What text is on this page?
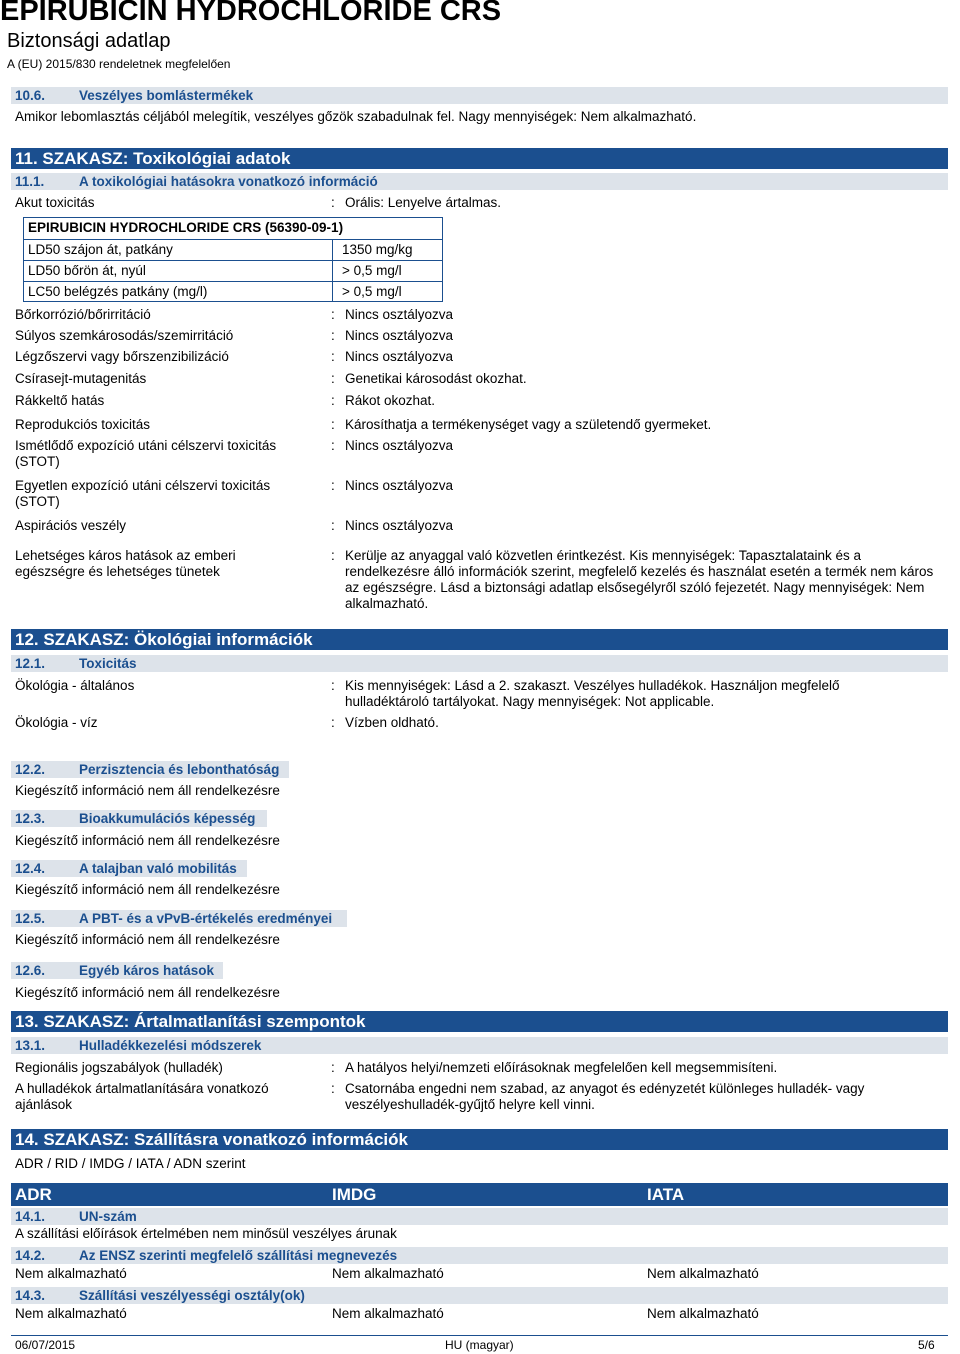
EPIRUBICIN HYDROCHLORIDE CRS
Biztonsági adatlap
A (EU) 2015/830 rendeletnek megfelelően
10.6.	Veszélyes bomlástermékek
Amikor lebomlasztás céljából melegítik, veszélyes gőzök szabadulnak fel. Nagy mennyiségek: Nem alkalmazható.
11. SZAKASZ: Toxikológiai adatok
11.1.	A toxikológiai hatásokra vonatkozó információ
Akut toxicitás	: Orális: Lenyelve ártalmas.
EPIRUBICIN HYDROCHLORIDE CRS (56390-09-1)
LD50 szájon át, patkány	1350 mg/kg
LD50 bőrön át, nyúl	> 0,5 mg/l
LC50 belégzés patkány (mg/l)	> 0,5 mg/l
Bőrkorrózió/bőrirritáció	: Nincs osztályozva
Súlyos szemkárosodás/szemirritáció	: Nincs osztályozva
Légzőszervi vagy bőrszenzibilizáció	: Nincs osztályozva
Csírasejt-mutagenitás	: Genetikai károsodást okozhat.
Rákkeltő hatás	: Rákot okozhat.
Reprodukciós toxicitás	: Károsíthatja a termékenységet vagy a születendő gyermeket.
Ismétlődő expozíció utáni célszervi toxicitás (STOT)
: Nincs osztályozva
Egyetlen expozíció utáni célszervi toxicitás (STOT)
: Nincs osztályozva
Aspirációs veszély	: Nincs osztályozva
Lehetséges káros hatások az emberi egészségre és lehetséges tünetek
: Kerülje az anyaggal való közvetlen érintkezést. Kis mennyiségek: Tapasztalataink és a rendelkezésre álló információk szerint, megfelelő kezelés és használat esetén a termék nem káros az egészségre. Lásd a biztonsági adatlap elsősegélyről szóló fejezetét. Nagy mennyiségek: Nem alkalmazható.
12. SZAKASZ: Ökológiai információk
12.1.	Toxicitás
Ökológia - általános	: Kis mennyiségek: Lásd a 2. szakaszt. Veszélyes hulladékok. Használjon megfelelő hulladéktároló tartályokat. Nagy mennyiségek: Not applicable.
Ökológia - víz	: Vízben oldható.
12.2.	Perzisztencia és lebonthatóság
Kiegészítő információ nem áll rendelkezésre
12.3.	Bioakkumulációs képesség
Kiegészítő információ nem áll rendelkezésre
12.4.	A talajban való mobilitás
Kiegészítő információ nem áll rendelkezésre
12.5.	A PBT- és a vPvB-értékelés eredményei
Kiegészítő információ nem áll rendelkezésre
12.6.	Egyéb káros hatások
Kiegészítő információ nem áll rendelkezésre
13. SZAKASZ: Ártalmatlanítási szempontok
13.1.	Hulladékkezelési módszerek
Regionális jogszabályok (hulladék)	: A hatályos helyi/nemzeti előírásoknak megfelelően kell megsemmisíteni.
A hulladékok ártalmatlanítására vonatkozó ajánlások
: Csatornába engedni nem szabad, az anyagot és edényzetét különleges hulladék- vagy veszélyeshulladék-gyűjtő helyre kell vinni.
14. SZAKASZ: Szállításra vonatkozó információk
ADR / RID / IMDG / IATA / ADN szerint
ADR	IMDG	IATA
14.1.	UN-szám
A szállítási előírások értelmében nem minősül veszélyes árunak
14.2.	Az ENSZ szerinti megfelelő szállítási megnevezés
Nem alkalmazható	Nem alkalmazható	Nem alkalmazható
14.3.	Szállítási veszélyességi osztály(ok)
Nem alkalmazható	Nem alkalmazható	Nem alkalmazható
06/07/2015	HU (magyar)	5/6
